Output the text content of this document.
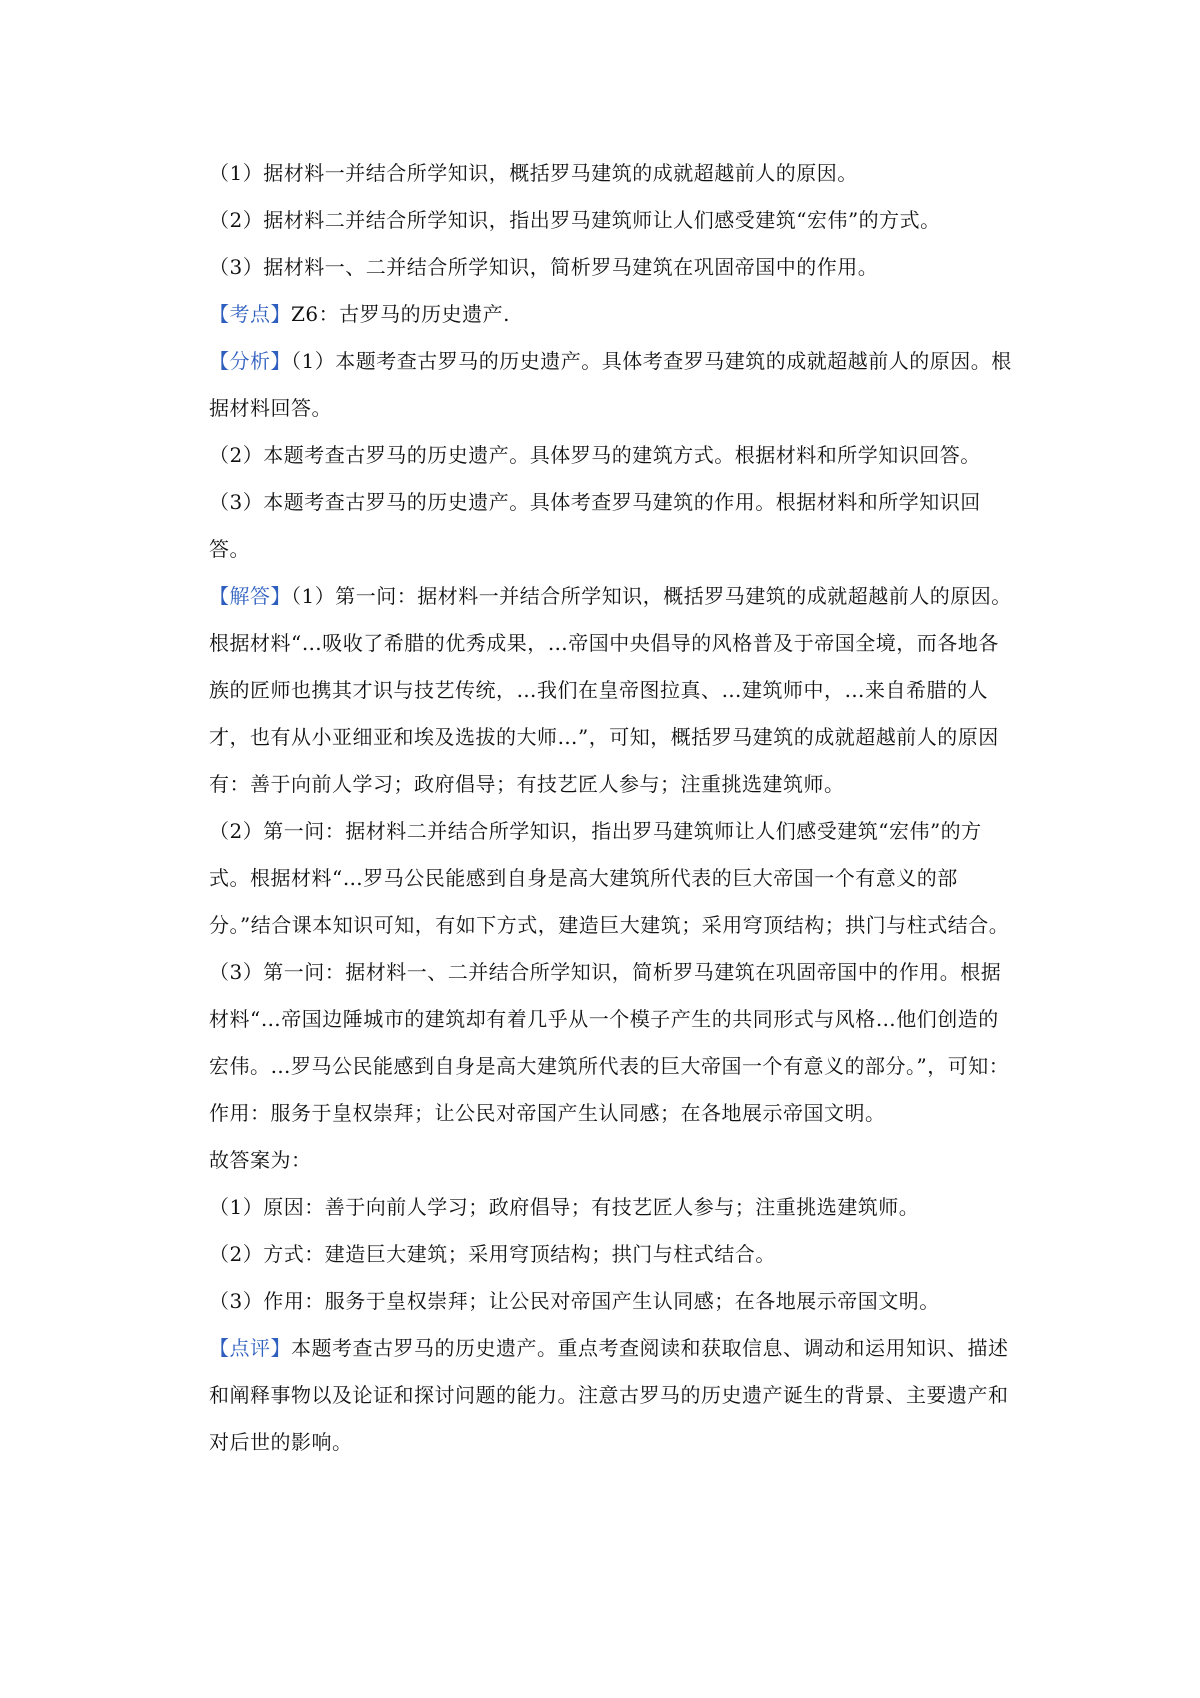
（1）据材料一并结合所学知识，概括罗马建筑的成就超越前人的原因。

（2）据材料二并结合所学知识，指出罗马建筑师让人们感受建筑“宏伟”的方式。

（3）据材料一、二并结合所学知识，简析罗马建筑在巩固帝国中的作用。

【考点】Z6：古罗马的历史遗产.

【分析】（1）本题考查古罗马的历史遗产。具体考查罗马建筑的成就超越前人的原因。根据材料回答。

（2）本题考查古罗马的历史遗产。具体罗马的建筑方式。根据材料和所学知识回答。

（3）本题考查古罗马的历史遗产。具体考查罗马建筑的作用。根据材料和所学知识回答。

【解答】（1）第一问：据材料一并结合所学知识，概括罗马建筑的成就超越前人的原因。根据材料“…吸收了希腊的优秀成果，…帝国中央倡导的风格普及于帝国全境，而各地各族的匠师也携其才识与技艺传统，…我们在皇帝图拉真、…建筑师中，…来自希腊的人才，也有从小亚细亚和埃及选拔的大师…”，可知，概括罗马建筑的成就超越前人的原因有：善于向前人学习；政府倡导；有技艺匠人参与；注重挑选建筑师。

（2）第一问：据材料二并结合所学知识，指出罗马建筑师让人们感受建筑“宏伟”的方式。根据材料“…罗马公民能感到自身是高大建筑所代表的巨大帝国一个有意义的部分。”结合课本知识可知，有如下方式，建造巨大建筑；采用穹顶结构；拱门与柱式结合。

（3）第一问：据材料一、二并结合所学知识，简析罗马建筑在巩固帝国中的作用。根据材料“…帝国边陲城市的建筑却有着几乎从一个模子产生的共同形式与风格…他们创造的宏伟。…罗马公民能感到自身是高大建筑所代表的巨大帝国一个有意义的部分。”，可知：作用：服务于皇权崇拜；让公民对帝国产生认同感；在各地展示帝国文明。

故答案为：

（1）原因：善于向前人学习；政府倡导；有技艺匠人参与；注重挑选建筑师。

（2）方式：建造巨大建筑；采用穹顶结构；拱门与柱式结合。

（3）作用：服务于皇权崇拜；让公民对帝国产生认同感；在各地展示帝国文明。

【点评】本题考查古罗马的历史遗产。重点考查阅读和获取信息、调动和运用知识、描述和阐释事物以及论证和探讨问题的能力。注意古罗马的历史遗产诞生的背景、主要遗产和对后世的影响。
